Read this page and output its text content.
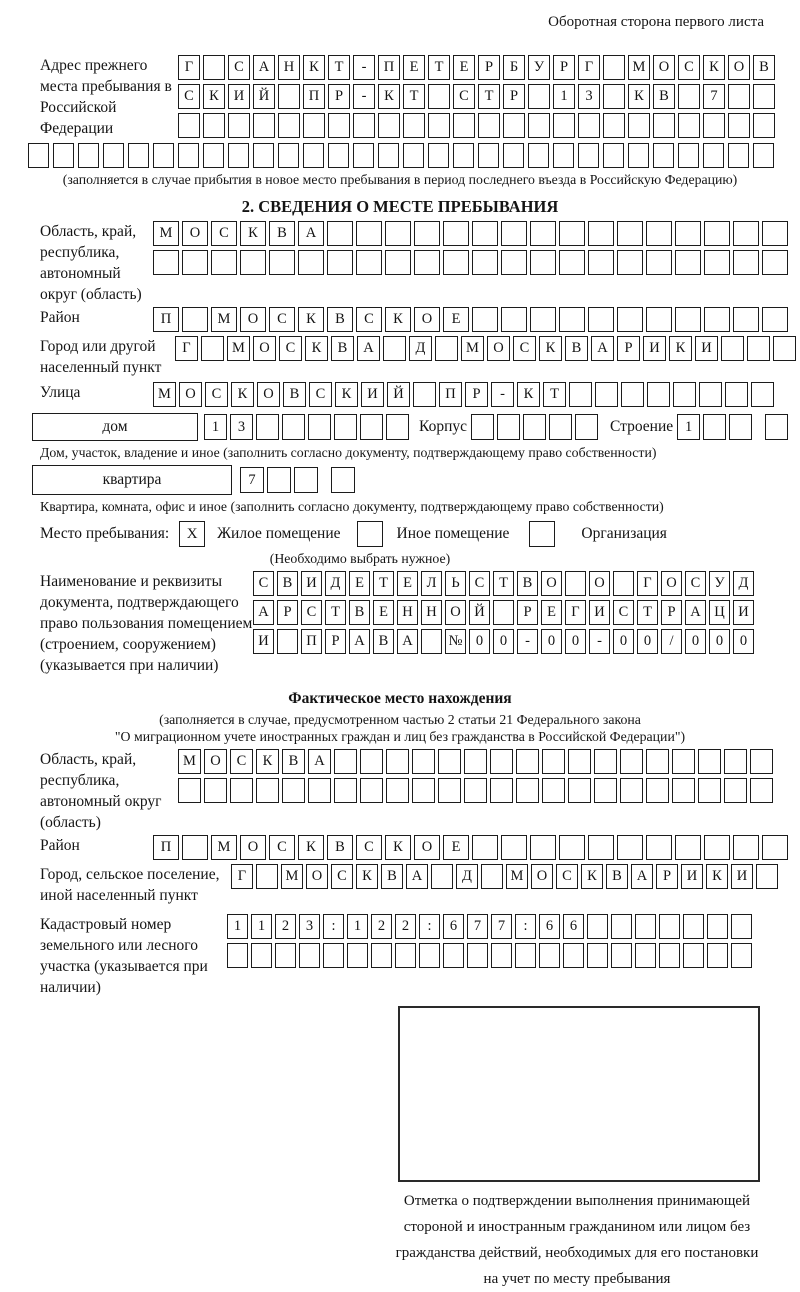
Оборотная сторона первого листа
Адрес прежнего места пребывания в Российской Федерации
Г	С	А	Н	К	Т	-	П	Е	Т	Е	Р	Б	У	Р	Г	М О	С	К	О	В
С	К	И	Й	П	Р	-	К	Т	С	Т	Р	1	3	К	В	7
(заполняется в случае прибытия в новое место пребывания в период последнего въезда в Российскую Федерацию)
2. СВЕДЕНИЯ О МЕСТЕ ПРЕБЫВАНИЯ
Область, край, республика, автономный округ (область)
М	О	С	К	В	А
Район	П	М	О	С	К	В	С	К	О	Е
Город или другой населенный пункт
Г	М О	С	К	В	А	Д	М О	С	К	В	А	Р	И	К	И
Улица	М О	С	К	О	В	С	К	И	Й	П	Р	-	К	Т
дом	1	3	Корпус	Строение 1
Дом, участок, владение и иное (заполнить согласно документу, подтверждающему право собственности)
квартира	7
Квартира, комната, офис и иное (заполнить согласно документу, подтверждающему право собственности)
Место пребывания:	X	Жилое помещение	Иное помещение	Организация
(Необходимо выбрать нужное)
Наименование и реквизиты документа, подтверждающего право пользования помещением (строением, сооружением) (указывается при наличии)
С В И Д	Е	Т	Е	Л	Ь	С	Т	В О	О	Г	О С У Д
А	Р	С	Т	В	Е Н Н О Й	Р	Е	Г	И С	Т	Р	А Ц И
И	П	Р	А В А	№ 0	0	-	0	0	-	0	0	/	0	0	0
Фактическое место нахождения
(заполняется в случае, предусмотренном частью 2 статьи 21 Федерального закона
"О миграционном учете иностранных граждан и лиц без гражданства в Российской Федерации")
Область, край, республика, автономный округ (область)
М О	С	К	В	А
Район	П	М	О	С	К	В	С	К	О	Е
Город, сельское поселение, иной населенный пункт
Г	М О	С	К	В	А	Д	М О	С	К	В	А	Р	И	К	И
Кадастровый номер земельного или лесного участка (указывается при наличии)
1	1	2	3	:	1	2	2	:	6	7	7	:	6	6
Отметка о подтверждении выполнения принимающей
стороной и иностранным гражданином или лицом без
гражданства действий, необходимых для его постановки
на учет по месту пребывания
